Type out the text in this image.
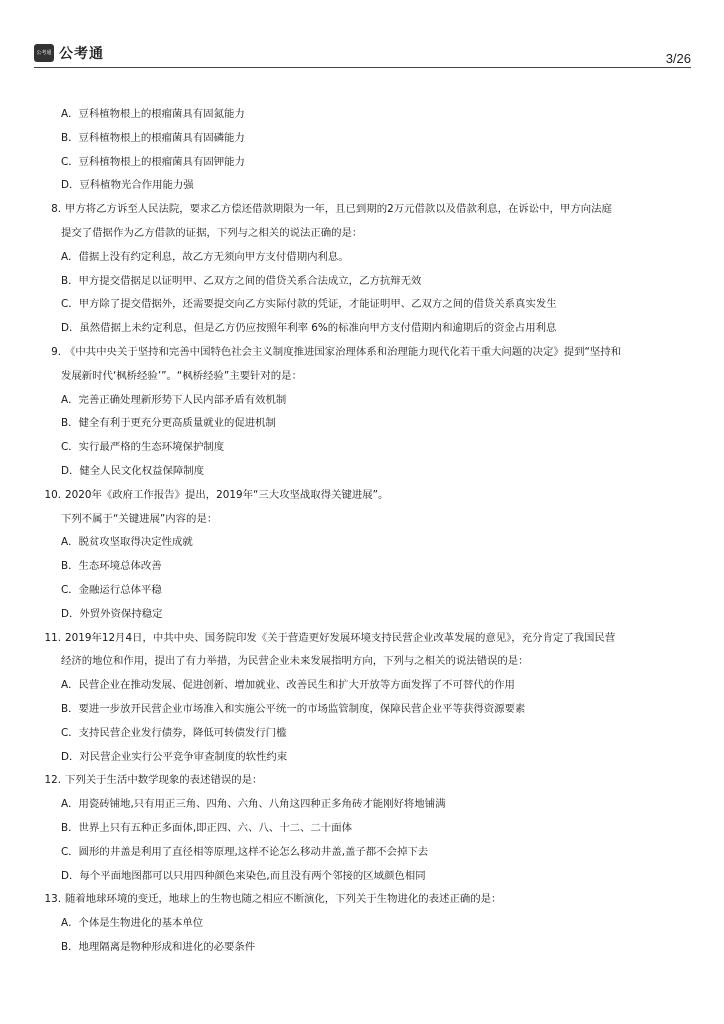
公考通 公考通	3/26
A．豆科植物根上的根瘤菌具有固氮能力
B．豆科植物根上的根瘤菌具有固磷能力
C．豆科植物根上的根瘤菌具有固钾能力
D．豆科植物光合作用能力强
8. 甲方将乙方诉至人民法院，要求乙方偿还借款期限为一年，且已到期的2万元借款以及借款利息，在诉讼中，甲方向法庭
提交了借据作为乙方借款的证据，下列与之相关的说法正确的是：
A．借据上没有约定利息，故乙方无须向甲方支付借期内利息。
B．甲方提交借据足以证明甲、乙双方之间的借贷关系合法成立，乙方抗辩无效
C．甲方除了提交借据外，还需要提交向乙方实际付款的凭证，才能证明甲、乙双方之间的借贷关系真实发生
D．虽然借据上未约定利息，但是乙方仍应按照年利率 6%的标准向甲方支付借期内和逾期后的资金占用利息
9. 《中共中央关于坚持和完善中国特色社会主义制度推进国家治理体系和治理能力现代化若干重大问题的决定》提到“坚持和
发展新时代‘枫桥经验’”。“枫桥经验”主要针对的是：
A．完善正确处理新形势下人民内部矛盾有效机制
B．健全有利于更充分更高质量就业的促进机制
C．实行最严格的生态环境保护制度
D．健全人民文化权益保障制度
10. 2020年《政府工作报告》提出，2019年“三大攻坚战取得关键进展”。
下列不属于“关键进展”内容的是：
A．脱贫攻坚取得决定性成就
B．生态环境总体改善
C．金融运行总体平稳
D．外贸外资保持稳定
11. 2019年12月4日，中共中央、国务院印发《关于营造更好发展环境支持民营企业改革发展的意见》，充分肯定了我国民营
经济的地位和作用，提出了有力举措，为民营企业未来发展指明方向，下列与之相关的说法错误的是：
A．民营企业在推动发展、促进创新、增加就业、改善民生和扩大开放等方面发挥了不可替代的作用
B．要进一步放开民营企业市场准入和实施公平统一的市场监管制度，保障民营企业平等获得资源要素
C．支持民营企业发行债券，降低可转债发行门槛
D．对民营企业实行公平竞争审查制度的软性约束
12. 下列关于生活中数学现象的表述错误的是：
A．用瓷砖铺地,只有用正三角、四角、六角、八角这四种正多角砖才能刚好将地铺满
B．世界上只有五种正多面体,即正四、六、八、十二、二十面体
C．圆形的井盖是利用了直径相等原理,这样不论怎么移动井盖,盖子都不会掉下去
D．每个平面地图都可以只用四种颜色来染色,而且没有两个邻接的区域颜色相同
13. 随着地球环境的变迁，地球上的生物也随之相应不断演化，下列关于生物进化的表述正确的是：
A．个体是生物进化的基本单位
B．地理隔离是物种形成和进化的必要条件
